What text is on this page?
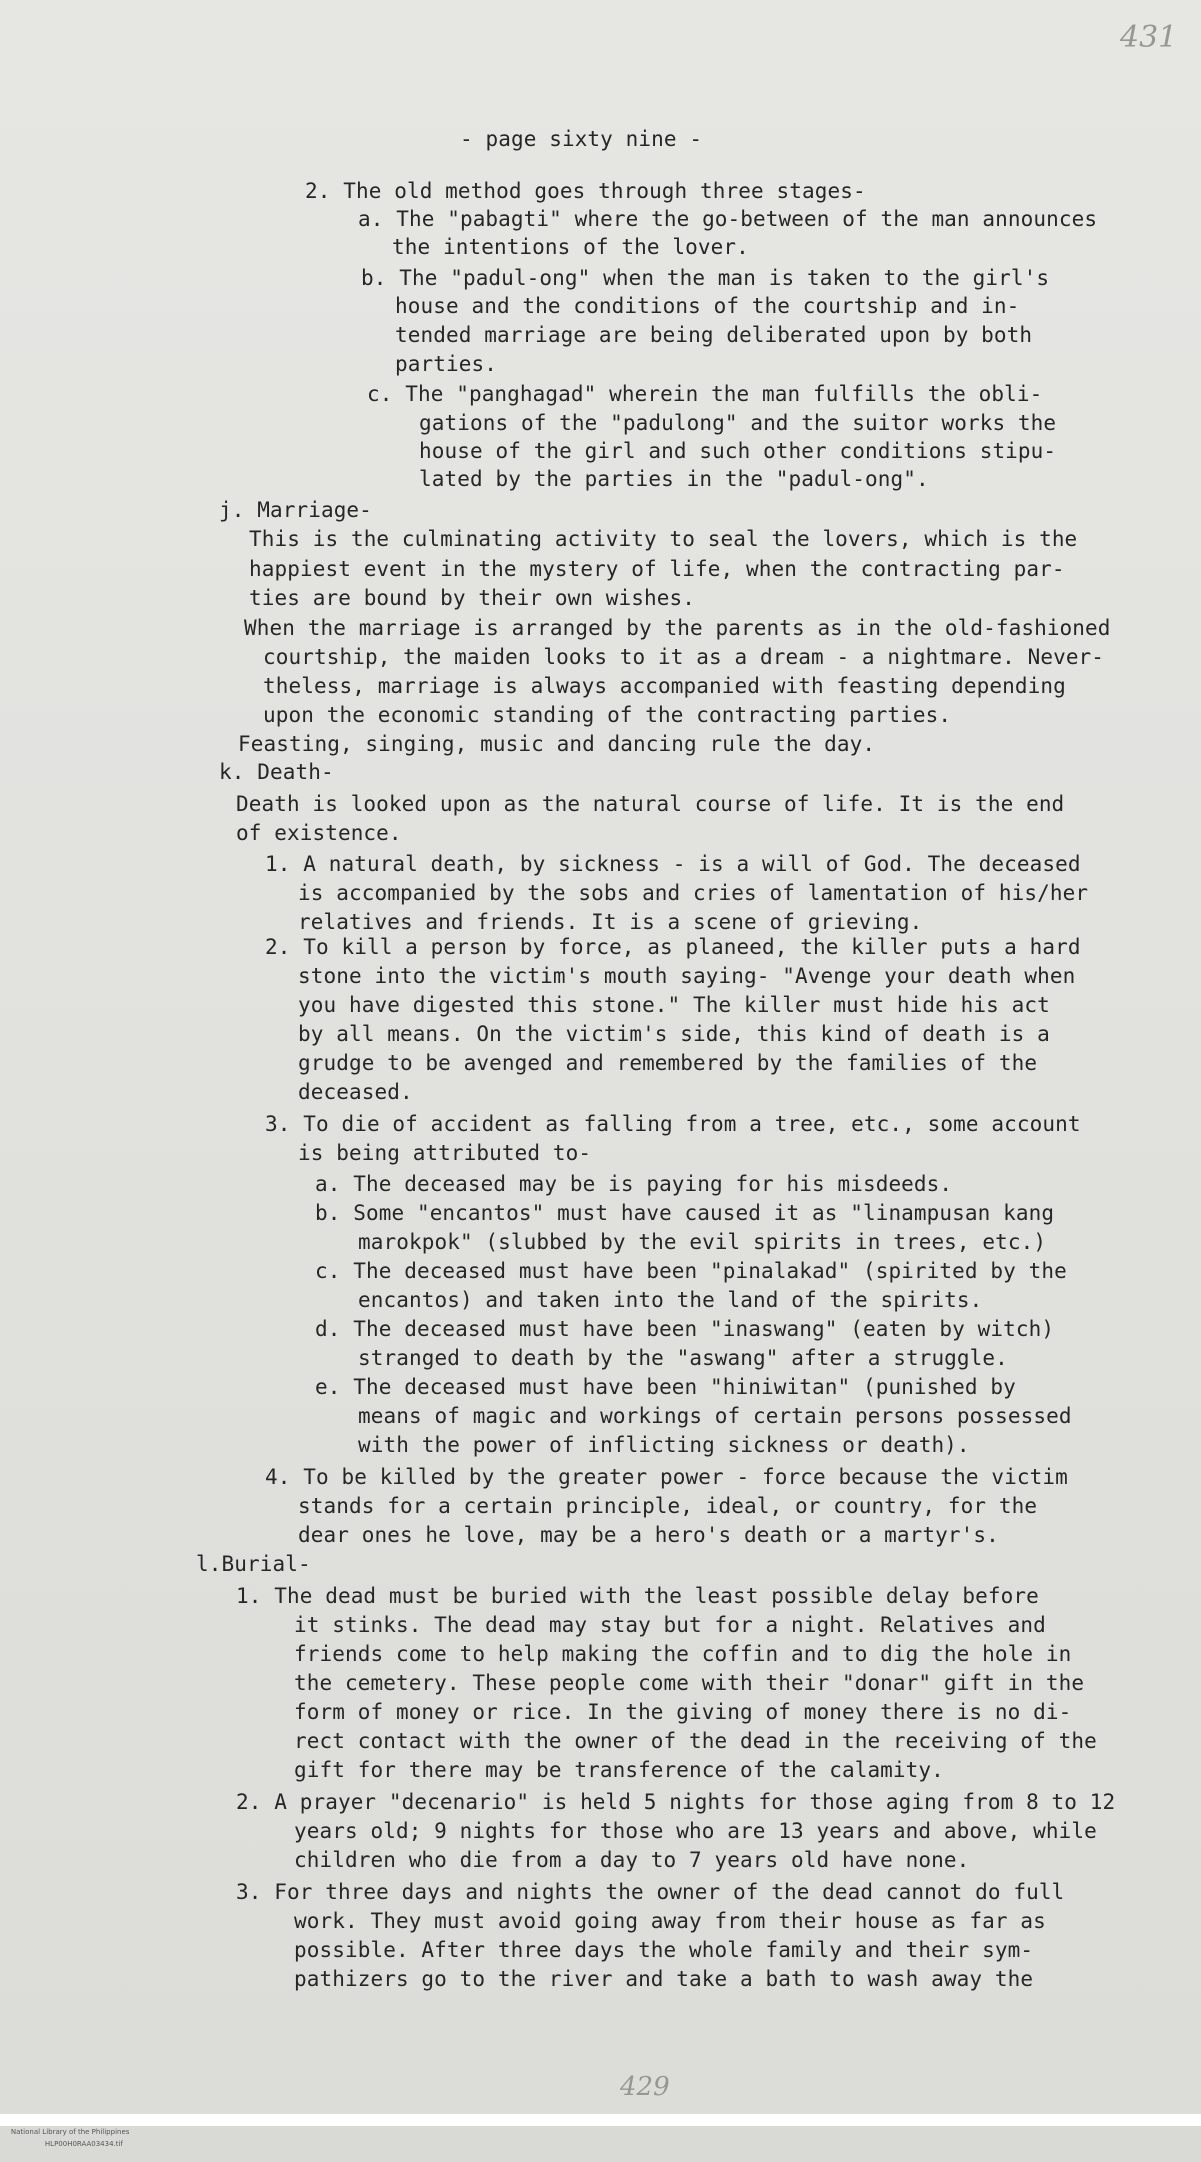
431
- page sixty nine -
2. The old method goes through three stages-
a. The "pabagti" where the go-between of the man announces
the intentions of the lover.
b. The "padul-ong" when the man is taken to the girl's
house and the conditions of the courtship and in-
tended marriage are being deliberated upon by both
parties.
c. The "panghagad" wherein the man fulfills the obli-
gations of the "padulong" and the suitor works the
house of the girl and such other conditions stipu-
lated by the parties in the "padul-ong".
j. Marriage-
This is the culminating activity to seal the lovers, which is the
happiest event in the mystery of life, when the contracting par-
ties are bound by their own wishes.
When the marriage is arranged by the parents as in the old-fashioned
courtship, the maiden looks to it as a dream - a nightmare. Never-
theless, marriage is always accompanied with feasting depending
upon the economic standing of the contracting parties.
Feasting, singing, music and dancing rule the day.
k. Death-
Death is looked upon as the natural course of life. It is the end
of existence.
1. A natural death, by sickness - is a will of God. The deceased
is accompanied by the sobs and cries of lamentation of his/her
relatives and friends. It is a scene of grieving.
2. To kill a person by force, as planeed, the killer puts a hard
stone into the victim's mouth saying- "Avenge your death when
you have digested this stone." The killer must hide his act
by all means. On the victim's side, this kind of death is a
grudge to be avenged and remembered by the families of the
deceased.
3. To die of accident as falling from a tree, etc., some account
is being attributed to-
a. The deceased may be is paying for his misdeeds.
b. Some "encantos" must have caused it as "linampusan kang
marokpok" (slubbed by the evil spirits in trees, etc.)
c. The deceased must have been "pinalakad" (spirited by the
encantos) and taken into the land of the spirits.
d. The deceased must have been "inaswang" (eaten by witch)
stranged to death by the "aswang" after a struggle.
e. The deceased must have been "hiniwitan" (punished by
means of magic and workings of certain persons possessed
with the power of inflicting sickness or death).
4. To be killed by the greater power - force because the victim
stands for a certain principle, ideal, or country, for the
dear ones he love, may be a hero's death or a martyr's.
l.Burial-
1. The dead must be buried with the least possible delay before
it stinks. The dead may stay but for a night. Relatives and
friends come to help making the coffin and to dig the hole in
the cemetery. These people come with their "donar" gift in the
form of money or rice. In the giving of money there is no di-
rect contact with the owner of the dead in the receiving of the
gift for there may be transference of the calamity.
2. A prayer "decenario" is held 5 nights for those aging from 8 to 12
years old; 9 nights for those who are 13 years and above, while
children who die from a day to 7 years old have none.
3. For three days and nights the owner of the dead cannot do full
work. They must avoid going away from their house as far as
possible. After three days the whole family and their sym-
pathizers go to the river and take a bath to wash away the
429

National Library of the Philippines
HLP00H0RAA03434.tif
